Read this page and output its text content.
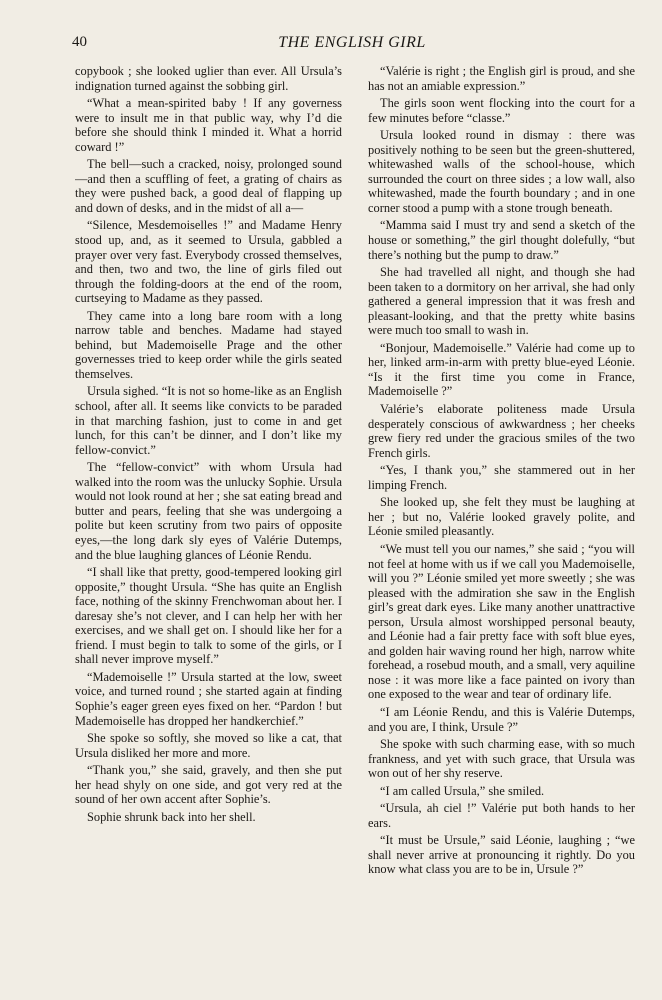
40	THE ENGLISH GIRL

copybook ; she looked uglier than ever. All Ursula’s indignation turned against the sobbing girl.

“What a mean-spirited baby ! If any governess were to insult me in that public way, why I’d die before she should think I minded it. What a horrid coward !”

The bell—such a cracked, noisy, prolonged sound—and then a scuffling of feet, a grating of chairs as they were pushed back, a good deal of flapping up and down of desks, and in the midst of all a—

“Silence, Mesdemoiselles !” and Madame Henry stood up, and, as it seemed to Ursula, gabbled a prayer over very fast. Everybody crossed themselves, and then, two and two, the line of girls filed out through the folding-doors at the end of the room, curtseying to Madame as they passed.

They came into a long bare room with a long narrow table and benches. Madame had stayed behind, but Mademoiselle Prage and the other governesses tried to keep order while the girls seated themselves.

Ursula sighed. “It is not so home-like as an English school, after all. It seems like convicts to be paraded in that marching fashion, just to come in and get lunch, for this can’t be dinner, and I don’t like my fellow-convict.”

The “fellow-convict” with whom Ursula had walked into the room was the unlucky Sophie. Ursula would not look round at her ; she sat eating bread and butter and pears, feeling that she was undergoing a polite but keen scrutiny from two pairs of opposite eyes,—the long dark sly eyes of Valérie Dutemps, and the blue laughing glances of Léonie Rendu.

“I shall like that pretty, good-tempered looking girl opposite,” thought Ursula. “She has quite an English face, nothing of the skinny Frenchwoman about her. I daresay she’s not clever, and I can help her with her exercises, and we shall get on. I should like her for a friend. I must begin to talk to some of the girls, or I shall never improve myself.”

“Mademoiselle !” Ursula started at the low, sweet voice, and turned round ; she started again at finding Sophie’s eager green eyes fixed on her. “Pardon ! but Mademoiselle has dropped her handkerchief.”

She spoke so softly, she moved so like a cat, that Ursula disliked her more and more.

“Thank you,” she said, gravely, and then she put her head shyly on one side, and got very red at the sound of her own accent after Sophie’s.

Sophie shrunk back into her shell.

“Valérie is right ; the English girl is proud, and she has not an amiable expression.”

The girls soon went flocking into the court for a few minutes before “classe.”

Ursula looked round in dismay : there was positively nothing to be seen but the green-shuttered, whitewashed walls of the school-house, which surrounded the court on three sides ; a low wall, also whitewashed, made the fourth boundary ; and in one corner stood a pump with a stone trough beneath.

“Mamma said I must try and send a sketch of the house or something,” the girl thought dolefully, “but there’s nothing but the pump to draw.”

She had travelled all night, and though she had been taken to a dormitory on her arrival, she had only gathered a general impression that it was fresh and pleasant-looking, and that the pretty white basins were much too small to wash in.

“Bonjour, Mademoiselle.” Valérie had come up to her, linked arm-in-arm with pretty blue-eyed Léonie. “Is it the first time you come in France, Mademoiselle ?”

Valérie’s elaborate politeness made Ursula desperately conscious of awkwardness ; her cheeks grew fiery red under the gracious smiles of the two French girls.

“Yes, I thank you,” she stammered out in her limping French.

She looked up, she felt they must be laughing at her ; but no, Valérie looked gravely polite, and Léonie smiled pleasantly.

“We must tell you our names,” she said ; “you will not feel at home with us if we call you Mademoiselle, will you ?” Léonie smiled yet more sweetly ; she was pleased with the admiration she saw in the English girl’s great dark eyes. Like many another unattractive person, Ursula almost worshipped personal beauty, and Léonie had a fair pretty face with soft blue eyes, and golden hair waving round her high, narrow white forehead, a rosebud mouth, and a small, very aquiline nose : it was more like a face painted on ivory than one exposed to the wear and tear of ordinary life.

“I am Léonie Rendu, and this is Valérie Dutemps, and you are, I think, Ursule ?”

She spoke with such charming ease, with so much frankness, and yet with such grace, that Ursula was won out of her shy reserve.

“I am called Ursula,” she smiled.

“Ursula, ah ciel !” Valérie put both hands to her ears.

“It must be Ursule,” said Léonie, laughing ; “we shall never arrive at pronouncing it rightly. Do you know what class you are to be in, Ursule ?”
